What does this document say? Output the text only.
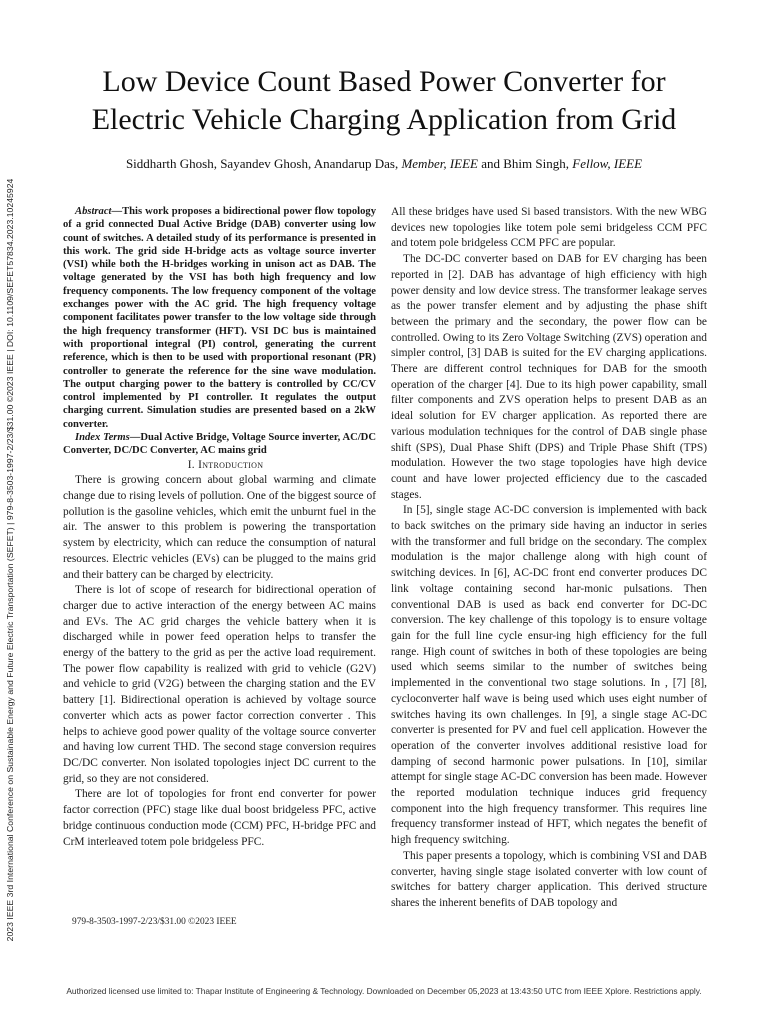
2023 IEEE 3rd International Conference on Sustainable Energy and Future Electric Transportation (SEFET) | 979-8-3503-1997-2/23/$31.00 ©2023 IEEE | DOI: 10.1109/SEFET57834.2023.10245924
Low Device Count Based Power Converter for
Electric Vehicle Charging Application from Grid

Siddharth Ghosh, Sayandev Ghosh, Anandarup Das, Member, IEEE and Bhim Singh, Fellow, IEEE

Abstract—This work proposes a bidirectional power flow topology of a grid connected Dual Active Bridge (DAB) converter using low count of switches. A detailed study of its performance is presented in this work. The grid side H-bridge acts as voltage source inverter (VSI) while both the H-bridges working in unison act as DAB. The voltage generated by the VSI has both high frequency and low frequency components. The low frequency component of the voltage exchanges power with the AC grid. The high frequency voltage component facilitates power transfer to the low voltage side through the high frequency transformer (HFT). VSI DC bus is maintained with proportional integral (PI) control, generating the current reference, which is then to be used with proportional resonant (PR) controller to generate the reference for the sine wave modulation. The output charging power to the battery is controlled by CC/CV control implemented by PI controller. It regulates the output charging current. Simulation studies are presented based on a 2kW converter.

Index Terms—Dual Active Bridge, Voltage Source inverter, AC/DC Converter, DC/DC Converter, AC mains grid

I. Introduction

There is growing concern about global warming and climate change due to rising levels of pollution. One of the biggest source of pollution is the gasoline vehicles, which emit the unburnt fuel in the air. The answer to this problem is powering the transportation system by electricity, which can reduce the consumption of natural resources. Electric vehicles (EVs) can be plugged to the mains grid and their battery can be charged by electricity.

There is lot of scope of research for bidirectional operation of charger due to active interaction of the energy between AC mains and EVs. The AC grid charges the vehicle battery when it is discharged while in power feed operation helps to transfer the energy of the battery to the grid as per the active load requirement. The power flow capability is realized with grid to vehicle (G2V) and vehicle to grid (V2G) between the charging station and the EV battery [1]. Bidirectional operation is achieved by voltage source converter which acts as power factor correction converter . This helps to achieve good power quality of the voltage source converter and having low current THD. The second stage conversion requires DC/DC converter. Non isolated topologies inject DC current to the grid, so they are not considered.

There are lot of topologies for front end converter for power factor correction (PFC) stage like dual boost bridgeless PFC, active bridge continuous conduction mode (CCM) PFC, H-bridge PFC and CrM interleaved totem pole bridgeless PFC.

979-8-3503-1997-2/23/$31.00 ©2023 IEEE

All these bridges have used Si based transistors. With the new WBG devices new topologies like totem pole semi bridgeless CCM PFC and totem pole bridgeless CCM PFC are popular.

The DC-DC converter based on DAB for EV charging has been reported in [2]. DAB has advantage of high efficiency with high power density and low device stress. The transformer leakage serves as the power transfer element and by adjusting the phase shift between the primary and the secondary, the power flow can be controlled. Owing to its Zero Voltage Switching (ZVS) operation and simpler control, [3] DAB is suited for the EV charging applications. There are different control techniques for DAB for the smooth operation of the charger [4]. Due to its high power capability, small filter components and ZVS operation helps to present DAB as an ideal solution for EV charger application. As reported there are various modulation techniques for the control of DAB single phase shift (SPS), Dual Phase Shift (DPS) and Triple Phase Shift (TPS) modulation. However the two stage topologies have high device count and have lower projected efficiency due to the cascaded stages.

In [5], single stage AC-DC conversion is implemented with back to back switches on the primary side having an inductor in series with the transformer and full bridge on the secondary. The complex modulation is the major challenge along with high count of switching devices. In [6], AC-DC front end converter produces DC link voltage containing second har-monic pulsations. Then conventional DAB is used as back end converter for DC-DC conversion. The key challenge of this topology is to ensure voltage gain for the full line cycle ensur-ing high efficiency for the full range. High count of switches in both of these topologies are being used which seems similar to the number of switches being implemented in the conventional two stage solutions. In , [7] [8], cycloconverter half wave is being used which uses eight number of switches having its own challenges. In [9], a single stage AC-DC converter is presented for PV and fuel cell application. However the operation of the converter involves additional resistive load for damping of second harmonic power pulsations. In [10], similar attempt for single stage AC-DC conversion has been made. However the reported modulation technique induces grid frequency component into the high frequency transformer. This requires line frequency transformer instead of HFT, which negates the benefit of high frequency switching.

This paper presents a topology, which is combining VSI and DAB converter, having single stage isolated converter with low count of switches for battery charger application. This derived structure shares the inherent benefits of DAB topology and

Authorized licensed use limited to: Thapar Institute of Engineering & Technology. Downloaded on December 05,2023 at 13:43:50 UTC from IEEE Xplore. Restrictions apply.
